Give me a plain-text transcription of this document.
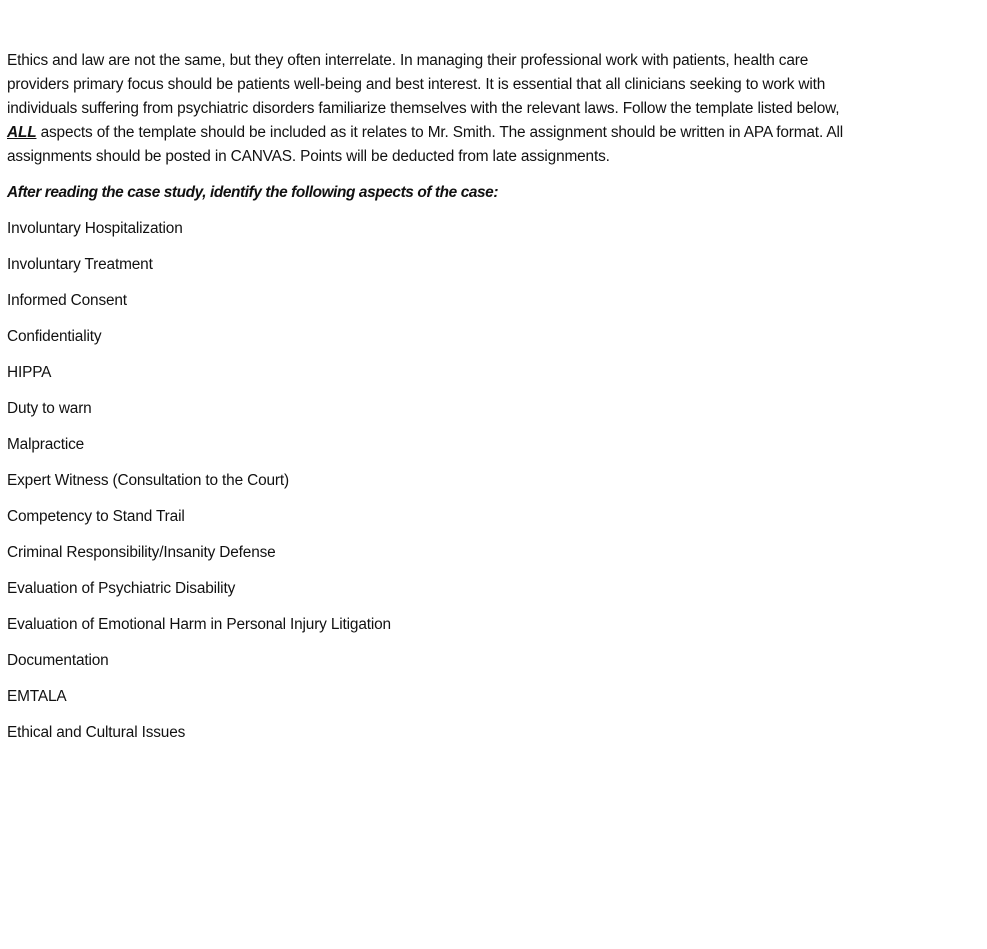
Ethics and law are not the same, but they often interrelate. In managing their professional work with patients, health care providers primary focus should be patients well-being and best interest. It is essential that all clinicians seeking to work with individuals suffering from psychiatric disorders familiarize themselves with the relevant laws. Follow the template listed below, ALL aspects of the template should be included as it relates to Mr. Smith. The assignment should be written in APA format. All assignments should be posted in CANVAS. Points will be deducted from late assignments.

After reading the case study, identify the following aspects of the case:

Involuntary Hospitalization
Involuntary Treatment
Informed Consent
Confidentiality
HIPPA
Duty to warn
Malpractice
Expert Witness (Consultation to the Court)
Competency to Stand Trail
Criminal Responsibility/Insanity Defense
Evaluation of Psychiatric Disability
Evaluation of Emotional Harm in Personal Injury Litigation
Documentation
EMTALA
Ethical and Cultural Issues
